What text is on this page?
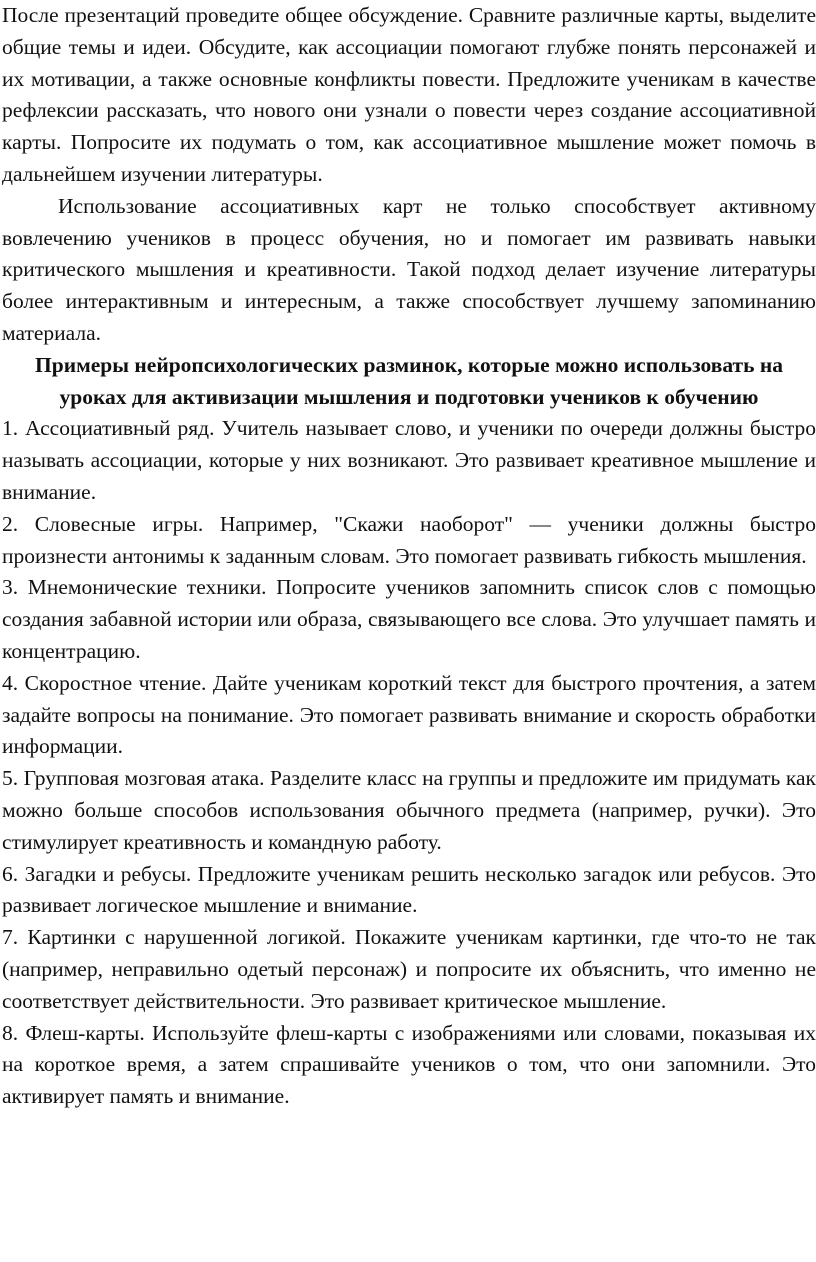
После презентаций проведите общее обсуждение. Сравните различные карты, выделите общие темы и идеи. Обсудите, как ассоциации помогают глубже понять персонажей и их мотивации, а также основные конфликты повести. Предложите ученикам в качестве рефлексии рассказать, что нового они узнали о повести через создание ассоциативной карты. Попросите их подумать о том, как ассоциативное мышление может помочь в дальнейшем изучении литературы.

Использование ассоциативных карт не только способствует активному вовлечению учеников в процесс обучения, но и помогает им развивать навыки критического мышления и креативности. Такой подход делает изучение литературы более интерактивным и интересным, а также способствует лучшему запоминанию материала.

Примеры нейропсихологических разминок, которые можно использовать на уроках для активизации мышления и подготовки учеников к обучению

1. Ассоциативный ряд. Учитель называет слово, и ученики по очереди должны быстро называть ассоциации, которые у них возникают. Это развивает креативное мышление и внимание.

2. Словесные игры. Например, "Скажи наоборот" — ученики должны быстро произнести антонимы к заданным словам. Это помогает развивать гибкость мышления.

3. Мнемонические техники. Попросите учеников запомнить список слов с помощью создания забавной истории или образа, связывающего все слова. Это улучшает память и концентрацию.

4. Скоростное чтение. Дайте ученикам короткий текст для быстрого прочтения, а затем задайте вопросы на понимание. Это помогает развивать внимание и скорость обработки информации.

5. Групповая мозговая атака. Разделите класс на группы и предложите им придумать как можно больше способов использования обычного предмета (например, ручки). Это стимулирует креативность и командную работу.

6. Загадки и ребусы. Предложите ученикам решить несколько загадок или ребусов. Это развивает логическое мышление и внимание.

7. Картинки с нарушенной логикой. Покажите ученикам картинки, где что-то не так (например, неправильно одетый персонаж) и попросите их объяснить, что именно не соответствует действительности. Это развивает критическое мышление.

8. Флеш-карты. Используйте флеш-карты с изображениями или словами, показывая их на короткое время, а затем спрашивайте учеников о том, что они запомнили. Это активирует память и внимание.
